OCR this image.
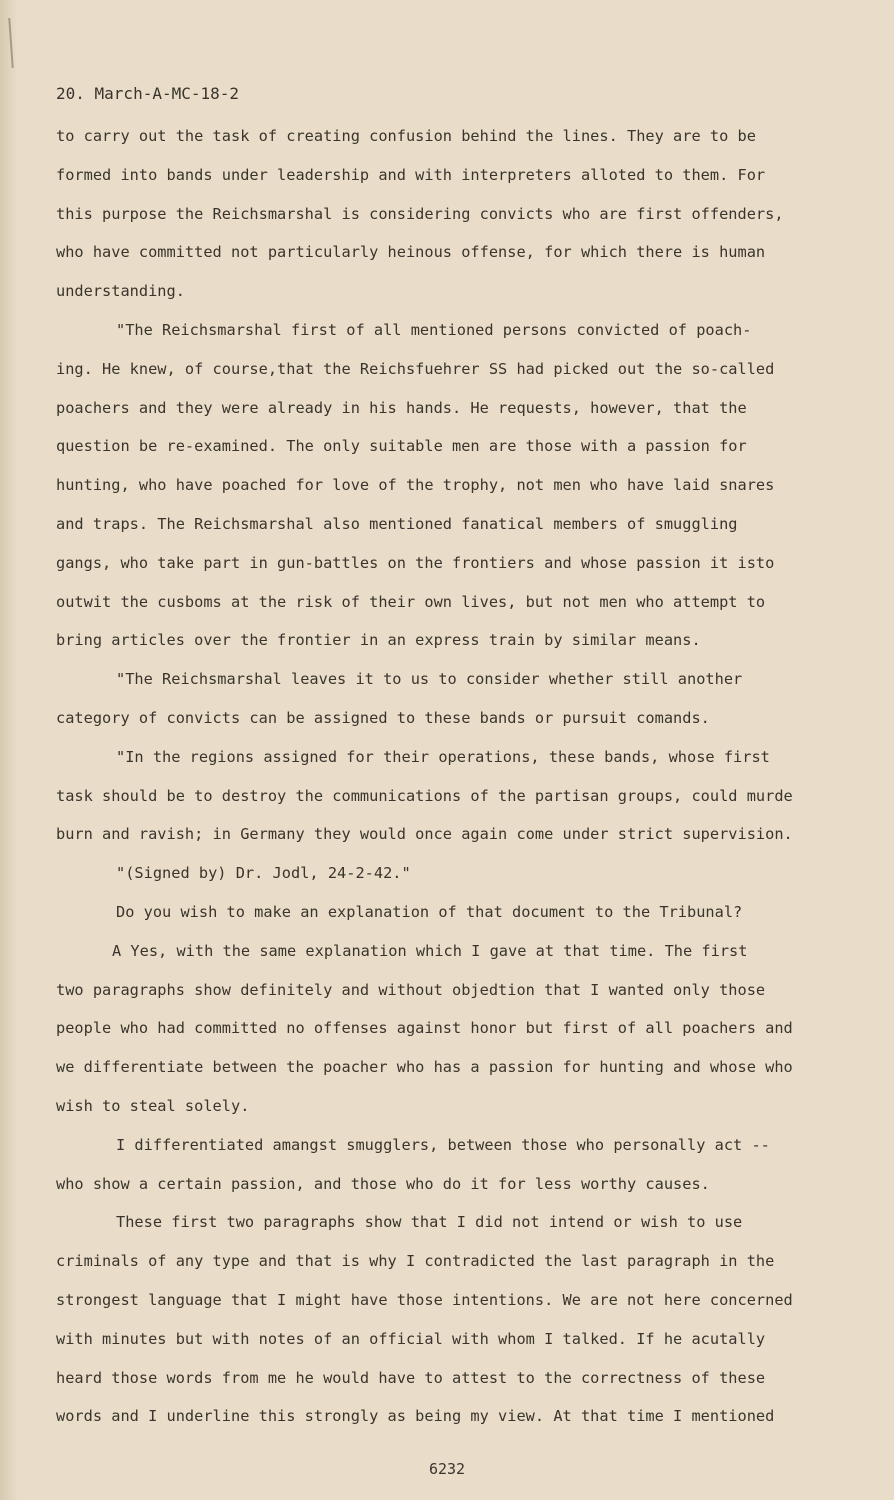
20. March-A-MC-18-2
to carry out the task of creating confusion behind the lines. They are to be
formed into bands under leadership and with interpreters alloted to them. For
this purpose the Reichsmarshal is considering convicts who are first offenders,
who have committed not particularly heinous offense, for which there is human
understanding.
"The Reichsmarshal first of all mentioned persons convicted of poach-
ing. He knew, of course,that the Reichsfuehrer SS had picked out the so-called
poachers and they were already in his hands. He requests, however, that the
question be re-examined. The only suitable men are those with a passion for
hunting, who have poached for love of the trophy, not men who have laid snares
and traps. The Reichsmarshal also mentioned fanatical members of smuggling
gangs, who take part in gun-battles on the frontiers and whose passion it isto
outwit the cusboms at the risk of their own lives, but not men who attempt to
bring articles over the frontier in an express train by similar means.
"The Reichsmarshal leaves it to us to consider whether still another
category of convicts can be assigned to these bands or pursuit comands.
"In the regions assigned for their operations, these bands, whose first
task should be to destroy the communications of the partisan groups, could murde
burn and ravish; in Germany they would once again come under strict supervision.
"(Signed by) Dr. Jodl, 24-2-42."
Do you wish to make an explanation of that document to the Tribunal?
A Yes, with the same explanation which I gave at that time. The first
two paragraphs show definitely and without objedtion that I wanted only those
people who had committed no offenses against honor but first of all poachers and
we differentiate between the poacher who has a passion for hunting and whose who
wish to steal solely.
I differentiated amangst smugglers, between those who personally act --
who show a certain passion, and those who do it for less worthy causes.
These first two paragraphs show that I did not intend or wish to use
criminals of any type and that is why I contradicted the last paragraph in the
strongest language that I might have those intentions. We are not here concerned
with minutes but with notes of an official with whom I talked. If he acutally
heard those words from me he would have to attest to the correctness of these
words and I underline this strongly as being my view. At that time I mentioned
6232
